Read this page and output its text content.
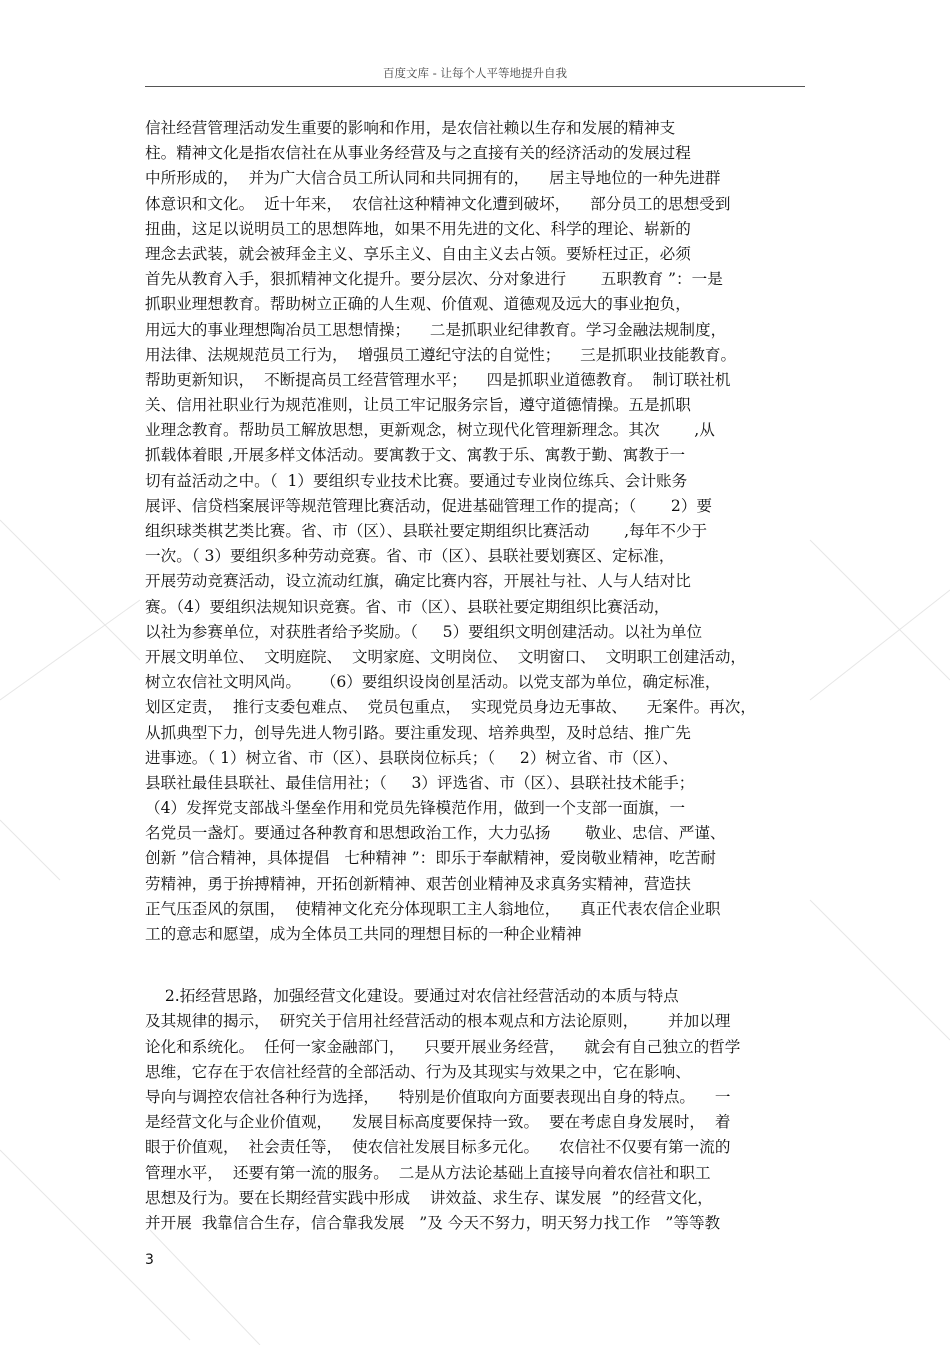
百度文库 - 让每个人平等地提升自我
信社经营管理活动发生重要的影响和作用，是农信社赖以生存和发展的精神支
柱。精神文化是指农信社在从事业务经营及与之直接有关的经济活动的发展过程
中所形成的，  并为广大信合员工所认同和共同拥有的，    居主导地位的一种先进群
体意识和文化。  近十年来，  农信社这种精神文化遭到破坏，    部分员工的思想受到
扭曲，这足以说明员工的思想阵地，如果不用先进的文化、科学的理论、崭新的
理念去武装，就会被拜金主义、享乐主义、自由主义去占领。要矫枉过正，必须
首先从教育入手，狠抓精神文化提升。要分层次、分对象进行       五职教育 ”：一是
抓职业理想教育。帮助树立正确的人生观、价值观、道德观及远大的事业抱负，
用远大的事业理想陶冶员工思想情操；    二是抓职业纪律教育。学习金融法规制度，
用法律、法规规范员工行为，  增强员工遵纪守法的自觉性；    三是抓职业技能教育。
帮助更新知识，  不断提高员工经营管理水平；    四是抓职业道德教育。  制订联社机
关、信用社职业行为规范准则，让员工牢记服务宗旨，遵守道德情操。五是抓职
业理念教育。帮助员工解放思想，更新观念，树立现代化管理新理念。其次       ,从
抓载体着眼 ,开展多样文体活动。要寓教于文、寓教于乐、寓教于勤、寓教于一
切有益活动之中。（  1）要组织专业技术比赛。要通过专业岗位练兵、会计账务
展评、信贷档案展评等规范管理比赛活动，促进基础管理工作的提高；（       2）要
组织球类棋艺类比赛。省、市（区）、县联社要定期组织比赛活动       ,每年不少于
一次。（ 3）要组织多种劳动竞赛。省、市（区）、县联社要划赛区、定标准，
开展劳动竞赛活动，设立流动红旗，确定比赛内容，开展社与社、人与人结对比
赛。（4）要组织法规知识竞赛。省、市（区）、县联社要定期组织比赛活动，
以社为参赛单位，对获胜者给予奖励。（     5）要组织文明创建活动。以社为单位
开展文明单位、  文明庭院、  文明家庭、文明岗位、  文明窗口、  文明职工创建活动，
树立农信社文明风尚。    （6）要组织设岗创星活动。以党支部为单位，确定标准，
划区定责，  推行支委包难点、  党员包重点，  实现党员身边无事故、    无案件。再次，
从抓典型下力，创导先进人物引路。要注重发现、培养典型，及时总结、推广先
进事迹。（ 1）树立省、市（区）、县联岗位标兵；（     2）树立省、市（区）、
县联社最佳县联社、最佳信用社；（     3）评选省、市（区）、县联社技术能手；
（4）发挥党支部战斗堡垒作用和党员先锋模范作用，做到一个支部一面旗，一
名党员一盏灯。要通过各种教育和思想政治工作，大力弘扬       敬业、忠信、严谨、
创新 ”信合精神，具体提倡   七种精神 ”：即乐于奉献精神，爱岗敬业精神，吃苦耐
劳精神，勇于拚搏精神，开拓创新精神、艰苦创业精神及求真务实精神，营造扶
正气压歪风的氛围，  使精神文化充分体现职工主人翁地位，    真正代表农信企业职
工的意志和愿望，成为全体员工共同的理想目标的一种企业精神
2.拓经营思路，加强经营文化建设。要通过对农信社经营活动的本质与特点
及其规律的揭示，  研究关于信用社经营活动的根本观点和方法论原则，      并加以理
论化和系统化。  任何一家金融部门，    只要开展业务经营，    就会有自己独立的哲学
思维，它存在于农信社经营的全部活动、行为及其现实与效果之中，它在影响、
导向与调控农信社各种行为选择，    特别是价值取向方面要表现出自身的特点。    一
是经营文化与企业价值观，    发展目标高度要保持一致。  要在考虑自身发展时，  着
眼于价值观，  社会责任等，  使农信社发展目标多元化。    农信社不仅要有第一流的
管理水平，  还要有第一流的服务。  二是从方法论基础上直接导向着农信社和职工
思想及行为。要在长期经营实践中形成    讲效益、求生存、谋发展  ”的经营文化，
并开展  我靠信合生存，信合靠我发展   ”及 今天不努力，明天努力找工作   ”等等教
3
